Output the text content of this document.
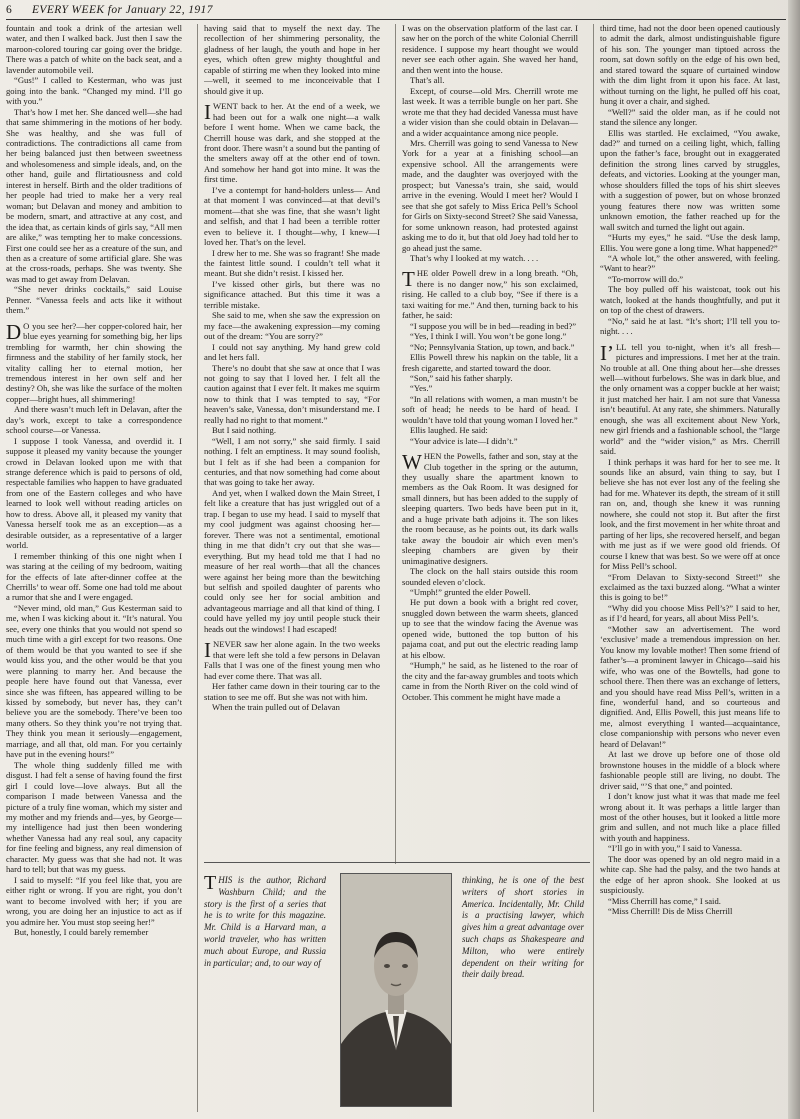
6 EVERY WEEK for January 22, 1917

fountain and took a drink of the artesian well water, and then I walked back. Just then I saw the maroon-colored touring car going over the bridge. There was a patch of white on the back seat, and a lavender automobile veil.

“Gus!” I called to Kesterman, who was just going into the bank. “Changed my mind. I’ll go with you.”

That’s how I met her. She danced well—she had that same shimmering in the motions of her body. She was healthy, and she was full of contradictions. The contradictions all came from her being balanced just then between sweetness and wholesomeness and simple ideals, and, on the other hand, guile and flirtatiousness and cold interest in herself. Birth and the older traditions of her people had tried to make her a very real woman; but Delavan and money and ambition to be modern, smart, and attractive at any cost, and the idea that, as certain kinds of girls say, “All men are alike,” was tempting her to make concessions. First one could see her as a creature of the sun, and then as a creature of some artificial glare. She was at the cross-roads, perhaps. She was twenty. She was mad to get away from Delavan.

“She never drinks cocktails,” said Louise Penner. “Vanessa feels and acts like it without them.”

DO you see her?—her copper-colored hair, her blue eyes yearning for something big, her lips trembling for warmth, her chin showing the firmness and the stability of her family stock, her vitality calling her to eternal motion, her tremendous interest in her own self and her destiny? Oh, she was like the surface of the molten copper—bright hues, all shimmering!

And there wasn’t much left in Delavan, after the day’s work, except to take a correspondence school course—or Vanessa.

I suppose I took Vanessa, and overdid it. I suppose it pleased my vanity because the younger crowd in Delavan looked upon me with that strange deference which is paid to persons of old, respectable families who happen to have graduated from one of the Eastern colleges and who have learned to look well without reading articles on how to dress. Above all, it pleased my vanity that Vanessa herself took me as an exception—as a desirable outsider, as a representative of a larger world.

I remember thinking of this one night when I was staring at the ceiling of my bedroom, waiting for the effects of late after-dinner coffee at the Cherrills’ to wear off. Some one had told me about a rumor that she and I were engaged.

“Never mind, old man,” Gus Kesterman said to me, when I was kicking about it. “It’s natural. You see, every one thinks that you would not spend so much time with a girl except for two reasons. One of them would be that you wanted to see if she would kiss you, and the other would be that you were planning to marry her. And because the people here have found out that Vanessa, ever since she was fifteen, has appeared willing to be kissed by somebody, but never has, they can’t believe you are the somebody. There’ve been too many others. So they think you’re not trying that. They think you mean it seriously—engagement, marriage, and all that, old man. For you certainly have put in the evening hours!”

The whole thing suddenly filled me with disgust. I had felt a sense of having found the first girl I could love—love always. But all the comparison I made between Vanessa and the picture of a truly fine woman, which my sister and my mother and my friends and—yes, by George—my intelligence had just then been wondering whether Vanessa had any real soul, any capacity for fine feeling and bigness, any real dimension of character. My guess was that she had not. It was hard to tell; but that was my guess.

I said to myself: “If you feel like that, you are either right or wrong. If you are right, you don’t want to become involved with her; if you are wrong, you are doing her an injustice to act as if you admire her. You must stop seeing her!”

But, honestly, I could barely remember

having said that to myself the next day. The recollection of her shimmering personality, the gladness of her laugh, the youth and hope in her eyes, which often grew mighty thoughtful and capable of stirring me when they looked into mine—well, it seemed to me inconceivable that I should give it up.

IWENT back to her. At the end of a week, we had been out for a walk one night—a walk before I went home. When we came back, the Cherrill house was dark, and she stopped at the front door. There wasn’t a sound but the panting of the smelters away off at the other end of town. And somehow her hand got into mine. It was the first time.

I’ve a contempt for hand-holders unless— And at that moment I was convinced—at that devil’s moment—that she was fine, that she wasn’t light and selfish, and that I had been a terrible rotter even to believe it. I thought—why, I knew—I loved her. That’s on the level.

I drew her to me. She was so fragrant! She made the faintest little sound. I couldn’t tell what it meant. But she didn’t resist. I kissed her.

I’ve kissed other girls, but there was no significance attached. But this time it was a terrible mistake.

She said to me, when she saw the expression on my face—the awakening expression—my coming out of the dream: “You are sorry?”

I could not say anything. My hand grew cold and let hers fall.

There’s no doubt that she saw at once that I was not going to say that I loved her. I felt all the caution against that I ever felt. It makes me squirm now to think that I was tempted to say, “For heaven’s sake, Vanessa, don’t misunderstand me. I really had no right to that moment.”

But I said nothing.

“Well, I am not sorry,” she said firmly. I said nothing. I felt an emptiness. It may sound foolish, but I felt as if she had been a companion for centuries, and that now something had come about that was going to take her away.

And yet, when I walked down the Main Street, I felt like a creature that has just wriggled out of a trap. I began to use my head. I said to myself that my cool judgment was against choosing her—forever. There was not a sentimental, emotional thing in me that didn’t cry out that she was—everything. But my head told me that I had no measure of her real worth—that all the chances were against her being more than the bewitching but selfish and spoiled daughter of parents who could only see her for social ambition and advantageous marriage and all that kind of thing. I could have yelled my joy until people stuck their heads out the windows! I had escaped!

INEVER saw her alone again. In the two weeks that were left she told a few persons in Delavan Falls that I was one of the finest young men who had ever come there. That was all.

Her father came down in their touring car to the station to see me off. But she was not with him.

When the train pulled out of Delavan

I was on the observation platform of the last car. I saw her on the porch of the white Colonial Cherrill residence. I suppose my heart thought we would never see each other again. She waved her hand, and then went into the house.

That’s all.

Except, of course—old Mrs. Cherrill wrote me last week. It was a terrible bungle on her part. She wrote me that they had decided Vanessa must have a wider vision than she could obtain in Delavan—and a wider acquaintance among nice people.

Mrs. Cherrill was going to send Vanessa to New York for a year at a finishing school—an expensive school. All the arrangements were made, and the daughter was overjoyed with the prospect; but Vanessa’s train, she said, would arrive in the evening. Would I meet her? Would I see that she got safely to Miss Erica Pell’s School for Girls on Sixty-second Street? She said Vanessa, for some unknown reason, had protested against asking me to do it, but that old Joey had told her to go ahead just the same.

That’s why I looked at my watch. . . .

THE older Powell drew in a long breath. “Oh, there is no danger now,” his son exclaimed, rising. He called to a club boy, “See if there is a taxi waiting for me.” And then, turning back to his father, he said:

“I suppose you will be in bed—reading in bed?”

“Yes, I think I will. You won’t be gone long.”

“No; Pennsylvania Station, up town, and back.”

Ellis Powell threw his napkin on the table, lit a fresh cigarette, and started toward the door.

“Son,” said his father sharply.

“Yes.”

“In all relations with women, a man mustn’t be soft of head; he needs to be hard of head. I wouldn’t have told that young woman I loved her.”

Ellis laughed. He said:

“Your advice is late—I didn’t.”

WHEN the Powells, father and son, stay at the Club together in the spring or the autumn, they usually share the apartment known to members as the Oak Room. It was designed for small dinners, but has been added to the supply of sleeping quarters. Two beds have been put in it, and a huge private bath adjoins it. The son likes the room because, as he points out, its dark walls take away the boudoir air which even men’s sleeping chambers are given by their unimaginative designers.

The clock on the hall stairs outside this room sounded eleven o’clock.

“Umph!” grunted the elder Powell.

He put down a book with a bright red cover, snuggled down between the warm sheets, glanced up to see that the window facing the Avenue was opened wide, buttoned the top button of his pajama coat, and put out the electric reading lamp at his elbow.

“Humph,” he said, as he listened to the roar of the city and the far-away grumbles and toots which came in from the North River on the cold wind of October. This comment he might have made a

third time, had not the door been opened cautiously to admit the dark, almost undistinguishable figure of his son. The younger man tiptoed across the room, sat down softly on the edge of his own bed, and stared toward the square of curtained window with the dim light from it upon his face. At last, without turning on the light, he pulled off his coat, hung it over a chair, and sighed.

“Well?” said the older man, as if he could not stand the silence any longer.

Ellis was startled. He exclaimed, “You awake, dad?” and turned on a ceiling light, which, falling upon the father’s face, brought out in exaggerated definition the strong lines carved by struggles, defeats, and victories. Looking at the younger man, whose shoulders filled the tops of his shirt sleeves with a suggestion of power, but on whose bronzed young features there now was written some unknown emotion, the father reached up for the wall switch and turned the light out again.

“Hurts my eyes,” he said. “Use the desk lamp, Ellis. You were gone a long time. What happened?”

“A whole lot,” the other answered, with feeling. “Want to hear?”

“To-morrow will do.”

The boy pulled off his waistcoat, took out his watch, looked at the hands thoughtfully, and put it on top of the chest of drawers.

“No,” said he at last. “It’s short; I’ll tell you to-night. . . .

I’LL tell you to-night, when it’s all fresh—pictures and impressions. I met her at the train. No trouble at all. One thing about her—she dresses well—without furbelows. She was in dark blue, and the only ornament was a copper buckle at her waist; it just matched her hair. I am not sure that Vanessa isn’t beautiful. At any rate, she shimmers. Naturally enough, she was all excitement about New York, new girl friends and a fashionable school, the “large world” and the “wider vision,” as Mrs. Cherrill said.

I think perhaps it was hard for her to see me. It sounds like an absurd, vain thing to say, but I believe she has not ever lost any of the feeling she had for me. Whatever its depth, the stream of it still ran on, and, though she knew it was running nowhere, she could not stop it. But after the first look, and the first movement in her white throat and parting of her lips, she recovered herself, and began with me just as if we were good old friends. Of course I knew that was best. So we were off at once for Miss Pell’s school.

“From Delavan to Sixty-second Street!” she exclaimed as the taxi buzzed along. “What a winter this is going to be!”

“Why did you choose Miss Pell’s?” I said to her, as if I’d heard, for years, all about Miss Pell’s.

“Mother saw an advertisement. The word ‘exclusive’ made a tremendous impression on her. You know my lovable mother! Then some friend of father’s—a prominent lawyer in Chicago—said his wife, who was one of the Bowtells, had gone to school there. Then there was an exchange of letters, and you should have read Miss Pell’s, written in a fine, wonderful hand, and so courteous and dignified. And, Ellis Powell, this just means life to me, almost everything I wanted—acquaintance, close companionship with persons who never even heard of Delavan!”

At last we drove up before one of those old brownstone houses in the middle of a block where fashionable people still are living, no doubt. The driver said, “’S that one,” and pointed.

I don’t know just what it was that made me feel wrong about it. It was perhaps a little larger than most of the other houses, but it looked a little more grim and sullen, and not much like a place filled with youth and happiness.

“I’ll go in with you,” I said to Vanessa.

The door was opened by an old negro maid in a white cap. She had the palsy, and the two hands at the edge of her apron shook. She looked at us suspiciously.

“Miss Cherrill has come,” I said.

“Miss Cherrill! Dis de Miss Cherrill

THIS is the author, Richard Washburn Child; and the story is the first of a series that he is to write for this magazine. Mr. Child is a Harvard man, a world traveler, who has written much about Europe, and Russia in particular; and, to our way of

thinking, he is one of the best writers of short stories in America. Incidentally, Mr. Child is a practising lawyer, which gives him a great advantage over such chaps as Shakespeare and Milton, who were entirely dependent on their writing for their daily bread.
